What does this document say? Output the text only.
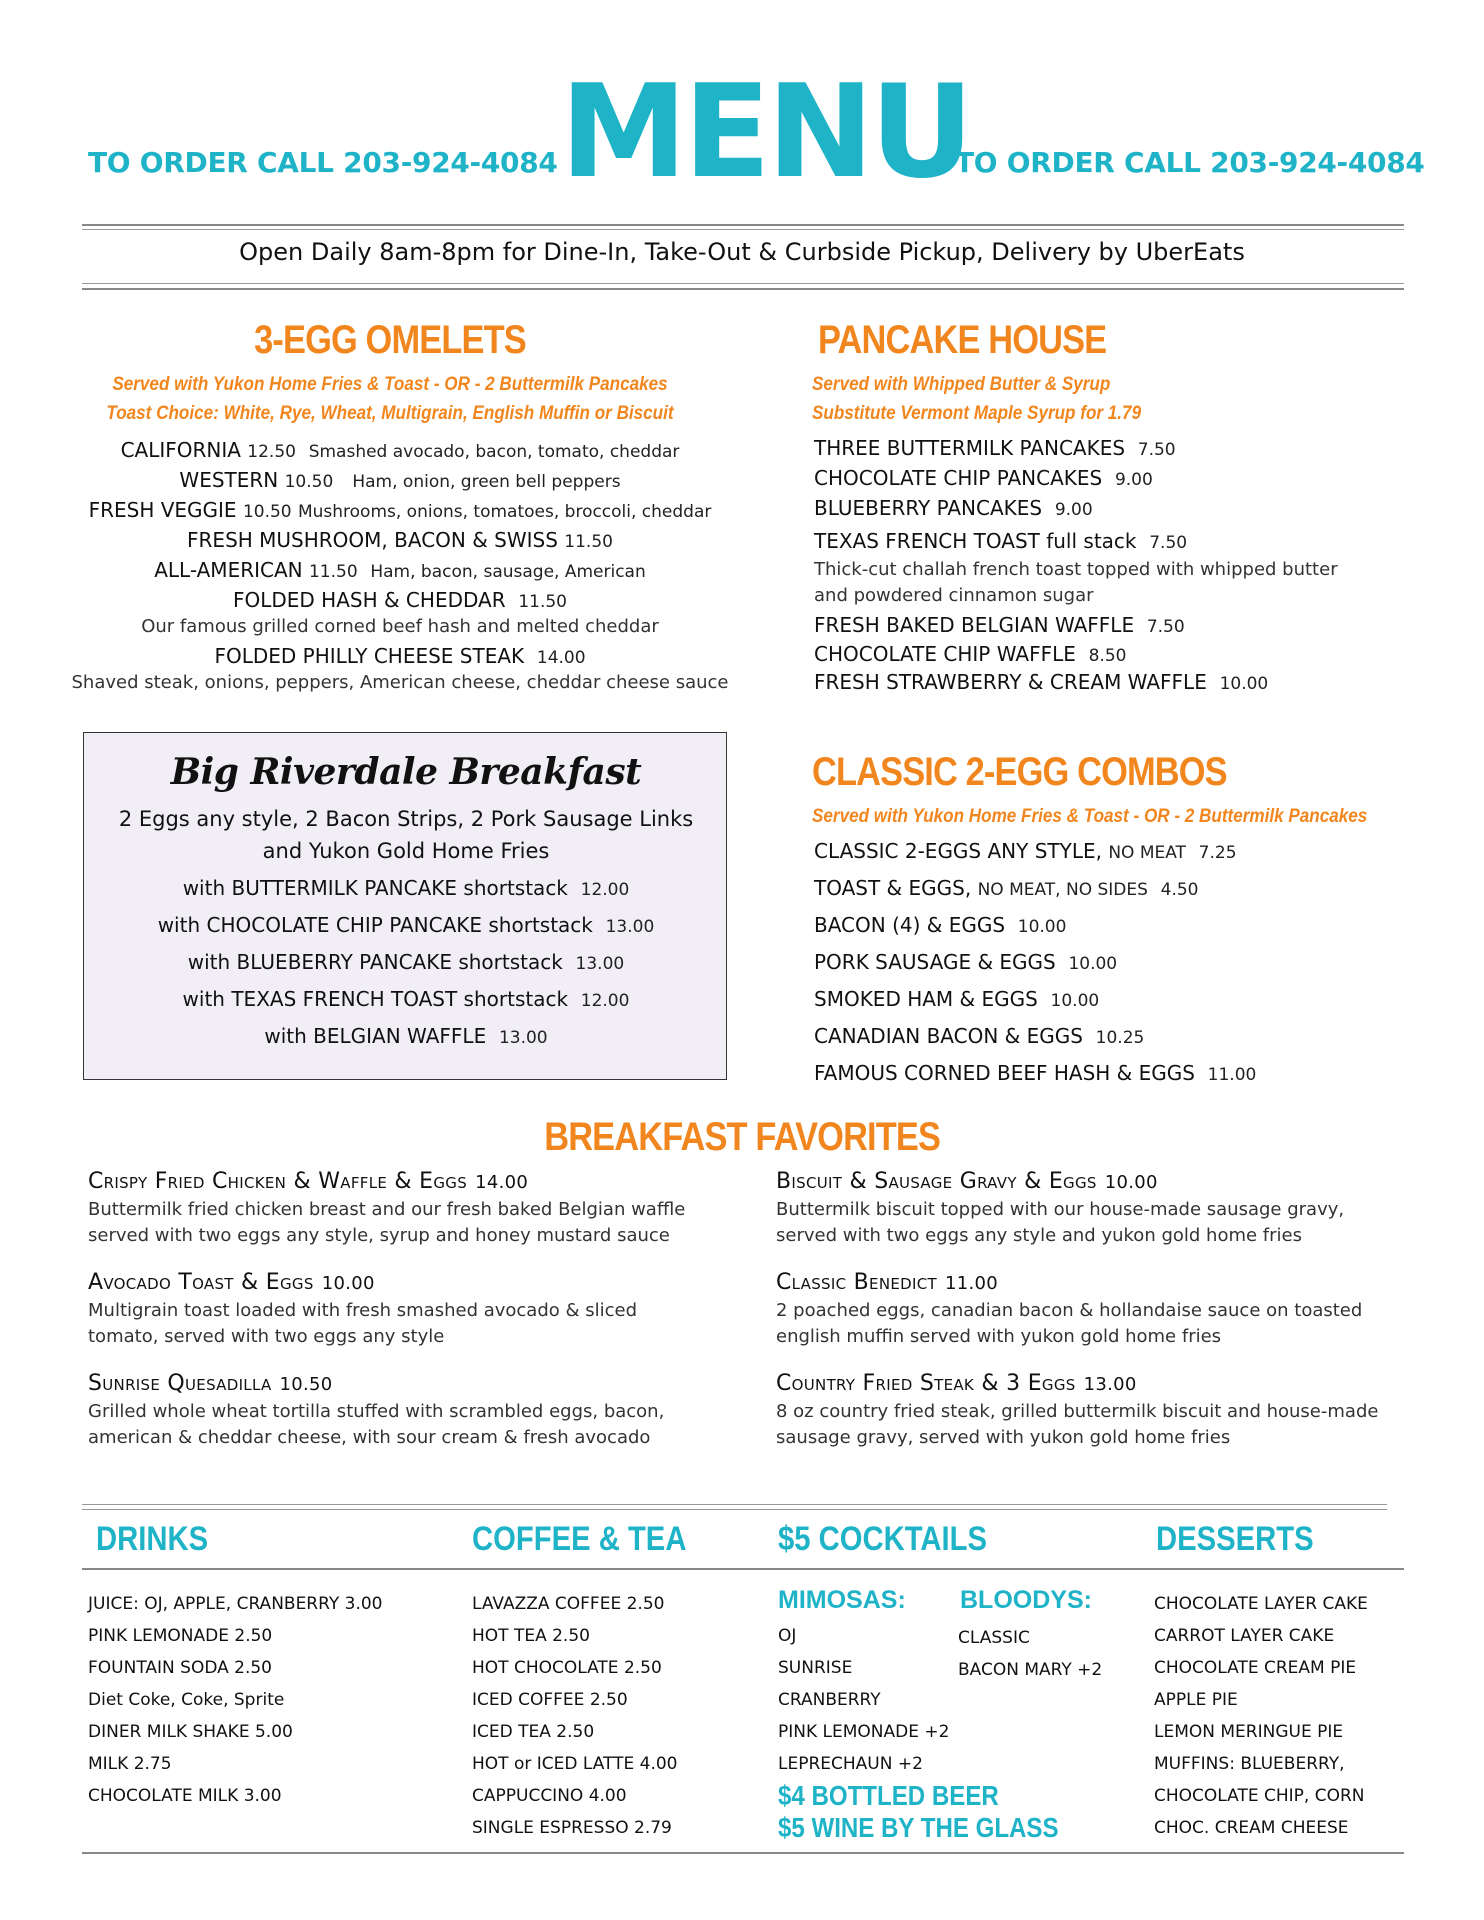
TO ORDER CALL 203-924-4084 MENU
TO ORDER CALL 203-924-4084
Open Daily 8am-8pm for Dine-In, Take-Out & Curbside Pickup, Delivery by UberEats
3-EGG OMELETS
Served with Yukon Home Fries & Toast - OR - 2 Buttermilk Pancakes
Toast Choice: White, Rye, Wheat, Multigrain, English Muffin or Biscuit
CALIFORNIA 12.50 Smashed avocado, bacon, tomato, cheddar
WESTERN 10.50 Ham, onion, green bell peppers
FRESH VEGGIE 10.50 Mushrooms, onions, tomatoes, broccoli, cheddar
FRESH MUSHROOM, BACON & SWISS 11.50
ALL-AMERICAN 11.50 Ham, bacon, sausage, American
FOLDED HASH & CHEDDAR 11.50
Our famous grilled corned beef hash and melted cheddar
FOLDED PHILLY CHEESE STEAK 14.00
Shaved steak, onions, peppers, American cheese, cheddar cheese sauce
PANCAKE HOUSE
Served with Whipped Butter & Syrup
Substitute Vermont Maple Syrup for 1.79
THREE BUTTERMILK PANCAKES 7.50
CHOCOLATE CHIP PANCAKES 9.00
BLUEBERRY PANCAKES 9.00
TEXAS FRENCH TOAST full stack 7.50
Thick-cut challah french toast topped with whipped butter
and powdered cinnamon sugar
FRESH BAKED BELGIAN WAFFLE 7.50
CHOCOLATE CHIP WAFFLE 8.50
FRESH STRAWBERRY & CREAM WAFFLE 10.00
Big Riverdale Breakfast
2 Eggs any style, 2 Bacon Strips, 2 Pork Sausage Links
and Yukon Gold Home Fries
with BUTTERMILK PANCAKE shortstack 12.00
with CHOCOLATE CHIP PANCAKE shortstack 13.00
with BLUEBERRY PANCAKE shortstack 13.00
with TEXAS FRENCH TOAST shortstack 12.00
with BELGIAN WAFFLE 13.00
CLASSIC 2-EGG COMBOS
Served with Yukon Home Fries & Toast - OR - 2 Buttermilk Pancakes
CLASSIC 2-EGGS ANY STYLE, NO MEAT 7.25
TOAST & EGGS, NO MEAT, NO SIDES 4.50
BACON (4) & EGGS 10.00
PORK SAUSAGE & EGGS 10.00
SMOKED HAM & EGGS 10.00
CANADIAN BACON & EGGS 10.25
FAMOUS CORNED BEEF HASH & EGGS 11.00
BREAKFAST FAVORITES
Crispy Fried Chicken & Waffle & Eggs 14.00
Buttermilk fried chicken breast and our fresh baked Belgian waffle
served with two eggs any style, syrup and honey mustard sauce
Avocado Toast & Eggs 10.00
Multigrain toast loaded with fresh smashed avocado & sliced
tomato, served with two eggs any style
Sunrise Quesadilla 10.50
Grilled whole wheat tortilla stuffed with scrambled eggs, bacon,
american & cheddar cheese, with sour cream & fresh avocado
Biscuit & Sausage Gravy & Eggs 10.00
Buttermilk biscuit topped with our house-made sausage gravy,
served with two eggs any style and yukon gold home fries
Classic Benedict 11.00
2 poached eggs, canadian bacon & hollandaise sauce on toasted
english muffin served with yukon gold home fries
Country Fried Steak & 3 Eggs 13.00
8 oz country fried steak, grilled buttermilk biscuit and house-made
sausage gravy, served with yukon gold home fries
DRINKS
JUICE: OJ, APPLE, CRANBERRY 3.00
PINK LEMONADE 2.50
FOUNTAIN SODA 2.50
Diet Coke, Coke, Sprite
DINER MILK SHAKE 5.00
MILK 2.75
CHOCOLATE MILK 3.00
COFFEE & TEA
LAVAZZA COFFEE 2.50
HOT TEA 2.50
HOT CHOCOLATE 2.50
ICED COFFEE 2.50
ICED TEA 2.50
HOT or ICED LATTE 4.00
CAPPUCCINO 4.00
SINGLE ESPRESSO 2.79
$5 COCKTAILS
MIMOSAS:
OJ
SUNRISE
CRANBERRY
PINK LEMONADE +2
LEPRECHAUN +2
BLOODYS:
CLASSIC
BACON MARY +2
$4 BOTTLED BEER
$5 WINE BY THE GLASS
DESSERTS
CHOCOLATE LAYER CAKE
CARROT LAYER CAKE
CHOCOLATE CREAM PIE
APPLE PIE
LEMON MERINGUE PIE
MUFFINS: BLUEBERRY,
CHOCOLATE CHIP, CORN
CHOC. CREAM CHEESE
